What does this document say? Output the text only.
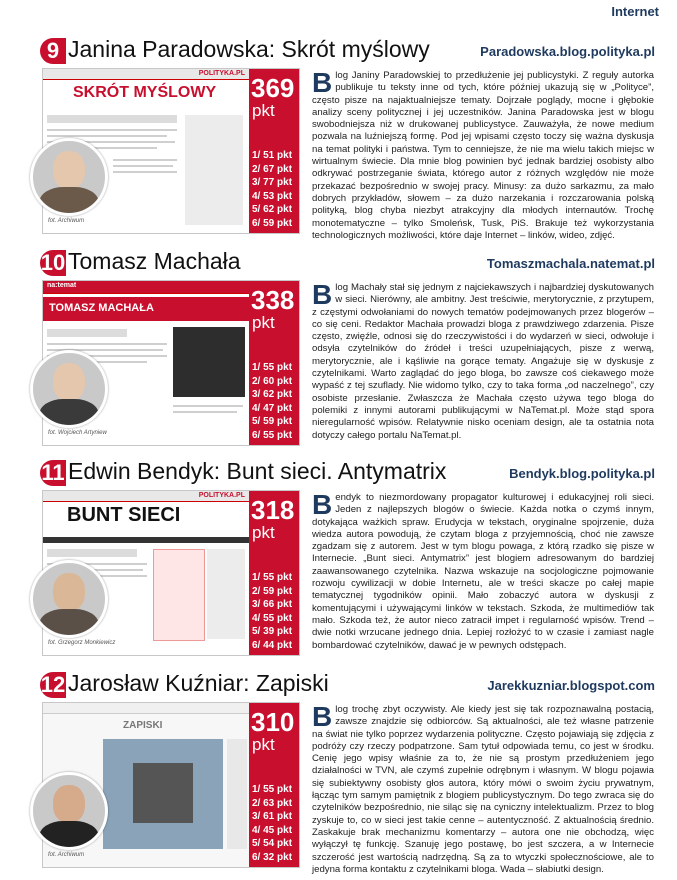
Internet
9 Janina Paradowska: Skrót myślowy	Paradowska.blog.polityka.pl
POLITYKA.PL
SKRÓT MYŚLOWY 369
pkt
1/ 51 pkt
2/ 67 pkt
3/ 77 pkt
4/ 53 pkt
5/ 62 pkt
6/ 59 pkt
fot. Archiwum
Blog Janiny Paradowskiej to przedłużenie jej publicystyki. Z reguły autorka publikuje tu teksty inne od tych, które później ukazują się w „Polityce”, często pisze na najaktualniejsze tematy. Dojrzałe poglądy, mocne i głębokie analizy sceny politycznej i jej uczestników. Janina Paradowska jest w blogu swobodniejsza niż w drukowanej publicystyce. Zauważyła, że nowe medium pozwala na luźniejszą formę. Pod jej wpisami często toczy się ważna dyskusja na temat polityki i państwa. Tym to cenniejsze, że nie ma wielu takich miejsc w wirtualnym świecie. Dla mnie blog powinien być jednak bardziej osobisty albo odkrywać postrzeganie świata, którego autor z różnych względów nie może przekazać bezpośrednio w swojej pracy. Minusy: za dużo sarkazmu, za mało dobrych przykładów, słowem – za dużo narzekania i rozczarowania polską polityką, blog chyba niezbyt atrakcyjny dla młodych internautów. Trochę monotematyczne – tylko Smoleńsk, Tusk, PiS. Brakuje też wykorzystania technologicznych możliwości, które daje Internet – linków, wideo, zdjęć.
10 Tomasz Machała	Tomaszmachala.natemat.pl
na:temat
TOMASZ MACHAŁA	338
pkt
1/ 55 pkt
2/ 60 pkt
3/ 62 pkt
4/ 47 pkt
5/ 59 pkt
6/ 55 pkt
fot. Wojciech Artyniew
Blog Machały stał się jednym z najciekawszych i najbardziej dyskutowanych w sieci. Nierówny, ale ambitny. Jest treściwie, merytorycznie, z przytupem, z częstymi odwołaniami do nowych tematów podejmowanych przez blogerów – co się ceni. Redaktor Machała prowadzi bloga z prawdziwego zdarzenia. Pisze często, zwięźle, odnosi się do rzeczywistości i do wydarzeń w sieci, odwołuje i odsyła czytelników do źródeł i treści uzupełniających, pisze z werwą, merytorycznie, ale i kąśliwie na gorące tematy. Angażuje się w dyskusje z czytelnikami. Warto zaglądać do jego bloga, bo zawsze coś ciekawego może wypaść z tej szuflady. Nie widomo tylko, czy to taka forma „od naczelnego”, czy osobiste przesłanie. Zwłaszcza że Machała często używa tego bloga do polemiki z innymi autorami publikującymi w NaTemat.pl. Może stąd spora nieregularność wpisów. Relatywnie nisko oceniam design, ale ta ostatnia nota dotyczy całego portalu NaTemat.pl.
11 Edwin Bendyk: Bunt sieci. Antymatrix	Bendyk.blog.polityka.pl
POLITYKA.PL
BUNT SIECI	318
pkt
1/ 55 pkt
2/ 59 pkt
3/ 66 pkt
4/ 55 pkt
5/ 39 pkt
6/ 44 pkt
fot. Grzegorz Monkiewicz
Bendyk to niezmordowany propagator kulturowej i edukacyjnej roli sieci. Jeden z najlepszych blogów o świecie. Każda notka o czymś innym, dotykająca ważkich spraw. Erudycja w tekstach, oryginalne spojrzenie, duża wiedza autora powodują, że czytam bloga z przyjemnością, choć nie zawsze zgadzam się z autorem. Jest w tym blogu powaga, z którą rzadko się pisze w Internecie. „Bunt sieci. Antymatrix” jest blogiem adresowanym do bardziej zaawansowanego czytelnika. Nazwa wskazuje na socjologiczne pojmowanie rozwoju cywilizacji w dobie Internetu, ale w treści skacze po całej mapie tematycznej tygodników opinii. Mało zobaczyć autora w dyskusji z komentującymi i używającymi linków w tekstach. Szkoda, że multimediów tak mało. Szkoda też, że autor nieco zatracił impet i regularność wpisów. Trend – dwie notki wrzucane jednego dnia. Lepiej rozłożyć to w czasie i zamiast nagle bombardować czytelników, dawać je w pewnych odstępach.
12 Jarosław Kuźniar: Zapiski	Jarekkuzniar.blogspot.com
ZAPISKI	310
pkt
1/ 55 pkt
2/ 63 pkt
3/ 61 pkt
4/ 45 pkt
5/ 54 pkt
6/ 32 pkt
fot. Archiwum
Blog trochę zbyt oczywisty. Ale kiedy jest się tak rozpoznawalną postacią, zawsze znajdzie się odbiorców. Są aktualności, ale też własne patrzenie na świat nie tylko poprzez wydarzenia polityczne. Często pojawiają się zdjęcia z podróży czy rzeczy podpatrzone. Sam tytuł odpowiada temu, co jest w środku. Cenię jego wpisy właśnie za to, że nie są prostym przedłużeniem jego działalności w TVN, ale czymś zupełnie odrębnym i własnym. W blogu pojawia się subiektywny osobisty głos autora, który mówi o swoim życiu prywatnym, łącząc tym samym pamiętnik z blogiem publicystycznym. Do tego zwraca się do czytelników bezpośrednio, nie siląc się na cyniczny intelektualizm. Przez to blog zyskuje to, co w sieci jest takie cenne – autentyczność. Z aktualnością średnio. Zaskakuje brak mechanizmu komentarzy – autora one nie obchodzą, więc wyłączył tę funkcję. Szanuję jego postawę, bo jest szczera, a w Internecie szczerość jest wartością nadrzędną. Są za to wtyczki społecznościowe, ale to jedyna forma kontaktu z czytelnikami bloga. Wada – słabiutki design.
